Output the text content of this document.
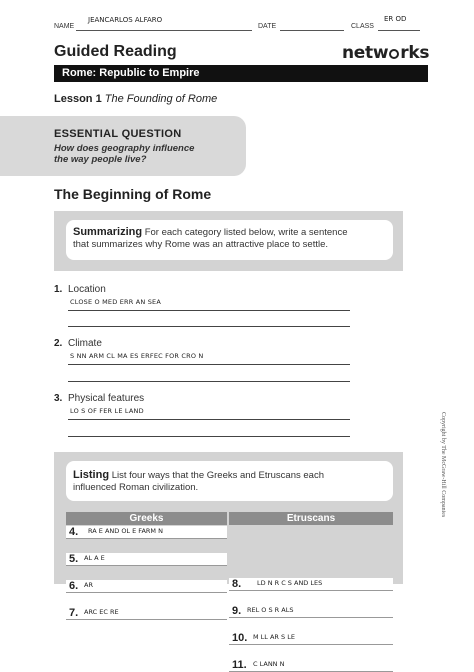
NAME
JEANCARLOS ALFARO
DATE	CLASS
ER OD
Guided Reading	netw rks
Rome: Republic to Empire
Lesson 1 The Founding of Rome
ESSENTIAL QUESTION
How does geography influence
the way people live?
The Beginning of Rome
Summarizing For each category listed below, write a sentence
that summarizes why Rome was an attractive place to settle.
1. Location
CLOSE O MED ERR AN SEA
2. Climate
S NN ARM CL MA ES ERFEC FOR CRO N
3. Physical features
LO S OF FER LE LAND
Copyright by The McGraw-Hill Companies
Listing List four ways that the Greeks and Etruscans each
influenced Roman civilization.
Greeks	Etruscans
4. RA E AND OL E FARM N
5. AL A E
6. AR
7. ARC EC RE
8. LD N R C S AND LES
9. REL O S R ALS
10. M LL AR S LE
11. C LANN N
